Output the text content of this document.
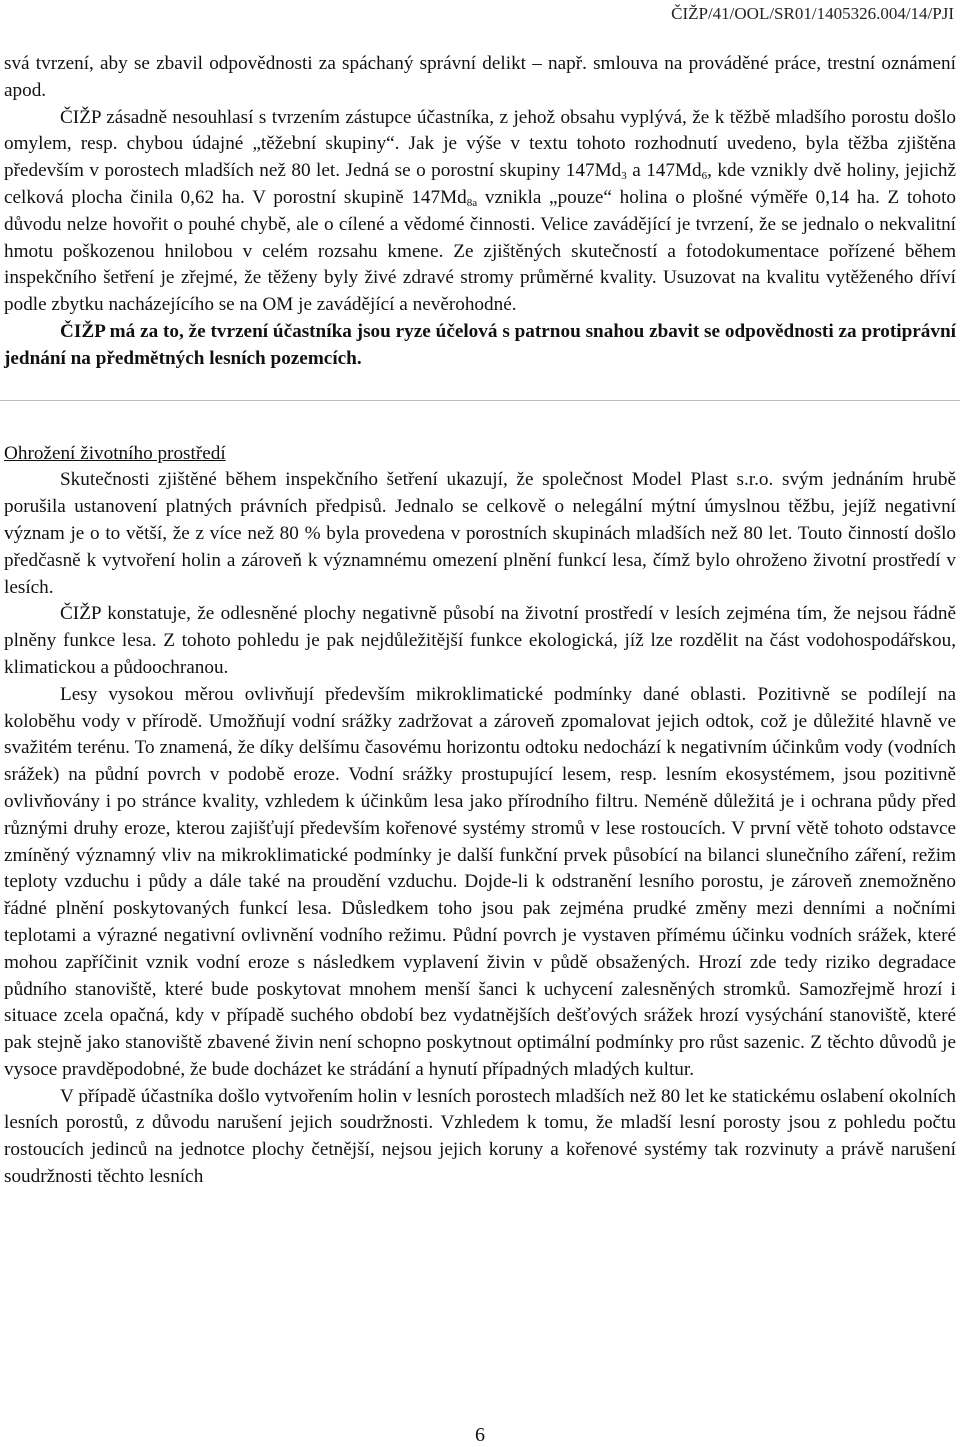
ČIŽP/41/OOL/SR01/1405326.004/14/PJI

svá tvrzení, aby se zbavil odpovědnosti za spáchaný správní delikt – např. smlouva na prováděné práce, trestní oznámení apod.

ČIŽP zásadně nesouhlasí s tvrzením zástupce účastníka, z jehož obsahu vyplývá, že k těžbě mladšího porostu došlo omylem, resp. chybou údajné „těžební skupiny“. Jak je výše v textu tohoto rozhodnutí uvedeno, byla těžba zjištěna především v porostech mladších než 80 let. Jedná se o porostní skupiny $147Md_3$ a $147Md_6$, kde vznikly dvě holiny, jejichž celková plocha činila 0,62 ha. V porostní skupině $147Md_{8a}$ vznikla „pouze“ holina o plošné výměře 0,14 ha. Z tohoto důvodu nelze hovořit o pouhé chybě, ale o cílené a vědomé činnosti. Velice zavádějící je tvrzení, že se jednalo o nekvalitní hmotu poškozenou hnilobou v celém rozsahu kmene. Ze zjištěných skutečností a fotodokumentace pořízené během inspekčního šetření je zřejmé, že těženy byly živé zdravé stromy průměrné kvality. Usuzovat na kvalitu vytěženého dříví podle zbytku nacházejícího se na OM je zavádějící a nevěrohodné.

ČIŽP má za to, že tvrzení účastníka jsou ryze účelová s patrnou snahou zbavit se odpovědnosti za protiprávní jednání na předmětných lesních pozemcích.

Ohrožení životního prostředí

Skutečnosti zjištěné během inspekčního šetření ukazují, že společnost Model Plast s.r.o. svým jednáním hrubě porušila ustanovení platných právních předpisů. Jednalo se celkově o nelegální mýtní úmyslnou těžbu, jejíž negativní význam je o to větší, že z více než 80 % byla provedena v porostních skupinách mladších než 80 let. Touto činností došlo předčasně k vytvoření holin a zároveň k významnému omezení plnění funkcí lesa, čímž bylo ohroženo životní prostředí v lesích.

ČIŽP konstatuje, že odlesněné plochy negativně působí na životní prostředí v lesích zejména tím, že nejsou řádně plněny funkce lesa. Z tohoto pohledu je pak nejdůležitější funkce ekologická, jíž lze rozdělit na část vodohospodářskou, klimatickou a půdoochranou.

Lesy vysokou měrou ovlivňují především mikroklimatické podmínky dané oblasti. Pozitivně se podílejí na koloběhu vody v přírodě. Umožňují vodní srážky zadržovat a zároveň zpomalovat jejich odtok, což je důležité hlavně ve svažitém terénu. To znamená, že díky delšímu časovému horizontu odtoku nedochází k negativním účinkům vody (vodních srážek) na půdní povrch v podobě eroze. Vodní srážky prostupující lesem, resp. lesním ekosystémem, jsou pozitivně ovlivňovány i po stránce kvality, vzhledem k účinkům lesa jako přírodního filtru. Neméně důležitá je i ochrana půdy před různými druhy eroze, kterou zajišťují především kořenové systémy stromů v lese rostoucích. V první větě tohoto odstavce zmíněný významný vliv na mikroklimatické podmínky je další funkční prvek působící na bilanci slunečního záření, režim teploty vzduchu i půdy a dále také na proudění vzduchu. Dojde-li k odstranění lesního porostu, je zároveň znemožněno řádné plnění poskytovaných funkcí lesa. Důsledkem toho jsou pak zejména prudké změny mezi denními a nočními teplotami a výrazné negativní ovlivnění vodního režimu. Půdní povrch je vystaven přímému účinku vodních srážek, které mohou zapříčinit vznik vodní eroze s následkem vyplavení živin v půdě obsažených. Hrozí zde tedy riziko degradace půdního stanoviště, které bude poskytovat mnohem menší šanci k uchycení zalesněných stromků. Samozřejmě hrozí i situace zcela opačná, kdy v případě suchého období bez vydatnějších dešťových srážek hrozí vysýchání stanoviště, které pak stejně jako stanoviště zbavené živin není schopno poskytnout optimální podmínky pro růst sazenic. Z těchto důvodů je vysoce pravděpodobné, že bude docházet ke strádání a hynutí případných mladých kultur.

V případě účastníka došlo vytvořením holin v lesních porostech mladších než 80 let ke statickému oslabení okolních lesních porostů, z důvodu narušení jejich soudržnosti. Vzhledem k tomu, že mladší lesní porosty jsou z pohledu počtu rostoucích jedinců na jednotce plochy četnější, nejsou jejich koruny a kořenové systémy tak rozvinuty a právě narušení soudržnosti těchto lesních

6
